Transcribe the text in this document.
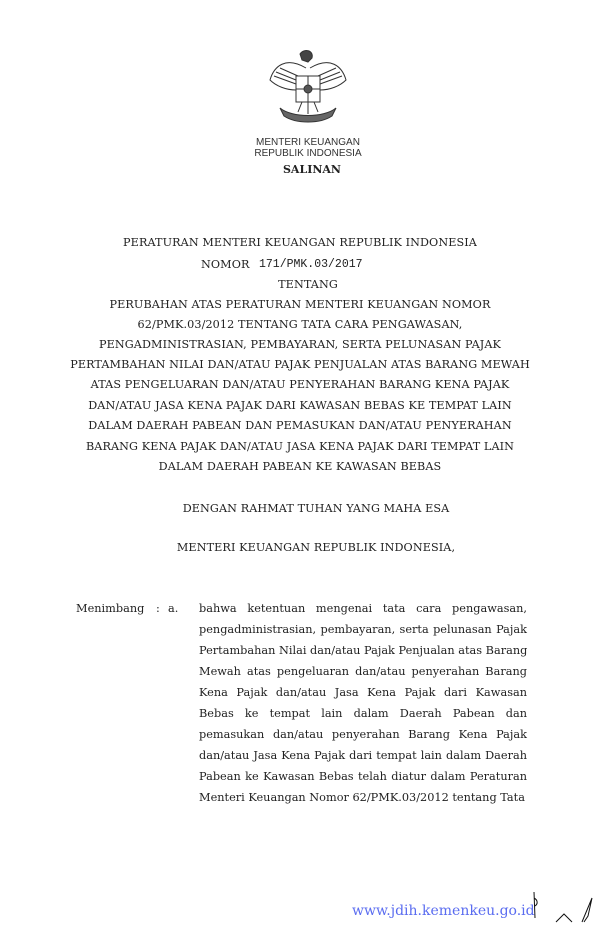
MENTERI KEUANGAN
REPUBLIK INDONESIA
SALINAN
PERATURAN MENTERI KEUANGAN REPUBLIK INDONESIA
NOMOR 171/PMK.03/2017
TENTANG
PERUBAHAN ATAS PERATURAN MENTERI KEUANGAN NOMOR
62/PMK.03/2012 TENTANG TATA CARA PENGAWASAN,
PENGADMINISTRASIAN, PEMBAYARAN, SERTA PELUNASAN PAJAK
PERTAMBAHAN NILAI DAN/ATAU PAJAK PENJUALAN ATAS BARANG MEWAH
ATAS PENGELUARAN DAN/ATAU PENYERAHAN BARANG KENA PAJAK
DAN/ATAU JASA KENA PAJAK DARI KAWASAN BEBAS KE TEMPAT LAIN
DALAM DAERAH PABEAN DAN PEMASUKAN DAN/ATAU PENYERAHAN
BARANG KENA PAJAK DAN/ATAU JASA KENA PAJAK DARI TEMPAT LAIN
DALAM DAERAH PABEAN KE KAWASAN BEBAS
DENGAN RAHMAT TUHAN YANG MAHA ESA
MENTERI KEUANGAN REPUBLIK INDONESIA,
Menimbang : a. bahwa ketentuan mengenai tata cara pengawasan,
pengadministrasian, pembayaran, serta pelunasan Pajak
Pertambahan Nilai dan/atau Pajak Penjualan atas Barang
Mewah atas pengeluaran dan/atau penyerahan Barang
Kena Pajak dan/atau Jasa Kena Pajak dari Kawasan
Bebas ke tempat lain dalam Daerah Pabean dan
pemasukan dan/atau penyerahan Barang Kena Pajak
dan/atau Jasa Kena Pajak dari tempat lain dalam Daerah
Pabean ke Kawasan Bebas telah diatur dalam Peraturan
Menteri Keuangan Nomor 62/PMK.03/2012 tentang Tata
www.jdih.kemenkeu.go.id
